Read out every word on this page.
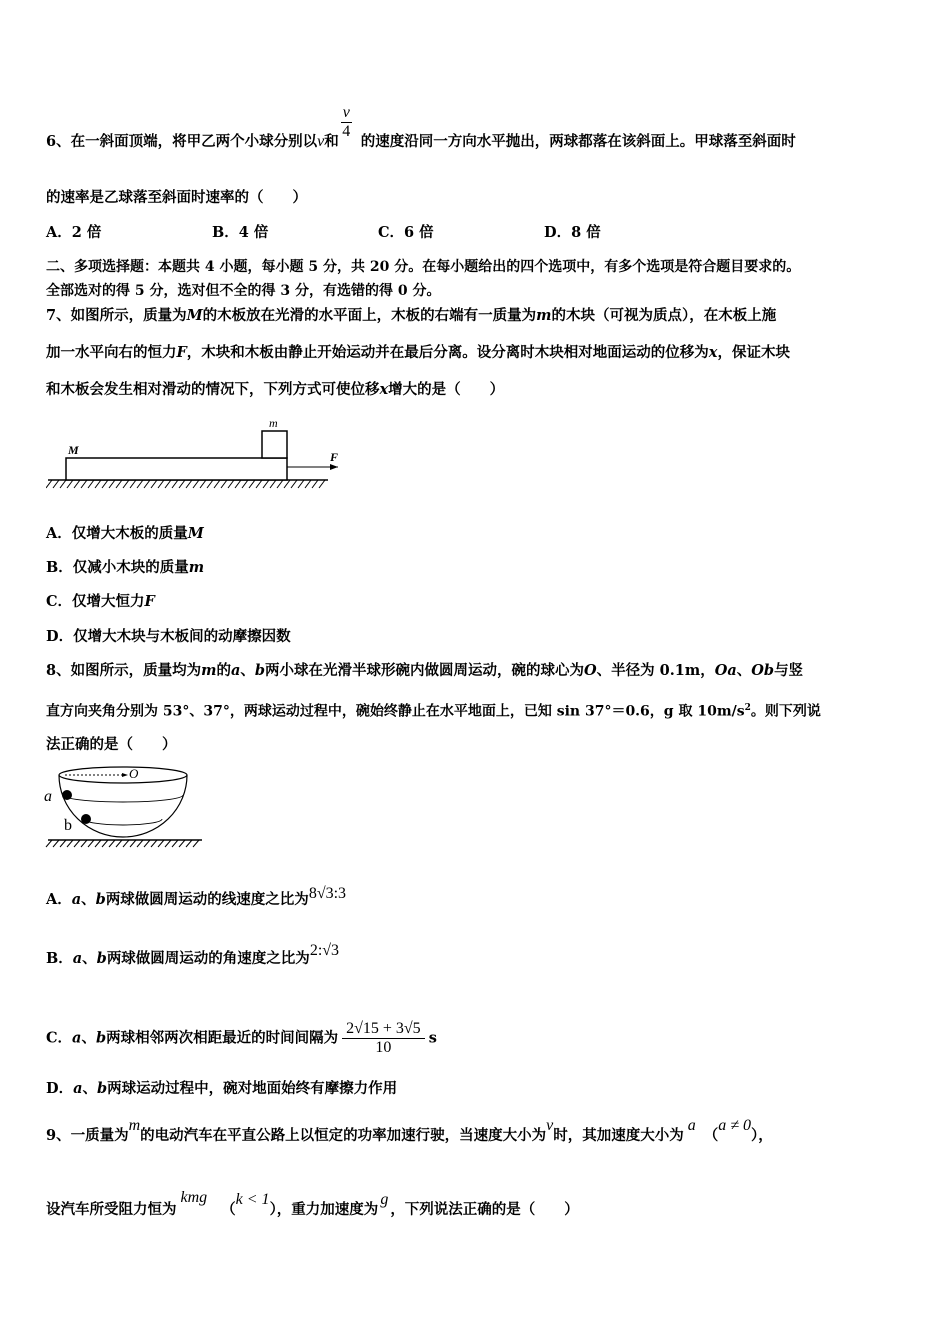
6、在一斜面顶端，将甲乙两个小球分别以v和
$\frac{v}{4}$
的速度沿同一方向水平抛出，两球都落在该斜面上。甲球落至斜面时
的速率是乙球落至斜面时速率的（　　）
A．2 倍	B．4 倍	C．6 倍	D．8 倍
二、多项选择题：本题共 4 小题，每小题 5 分，共 20 分。在每小题给出的四个选项中，有多个选项是符合题目要求的。
全部选对的得 5 分，选对但不全的得 3 分，有选错的得 0 分。
7、如图所示，质量为M的木板放在光滑的水平面上，木板的右端有一质量为m的木块（可视为质点），在木板上施
加一水平向右的恒力F，木块和木板由静止开始运动并在最后分离。设分离时木块相对地面运动的位移为x，保证木块
和木板会发生相对滑动的情况下，下列方式可使位移x增大的是（　　）
m
M	F
A．仅增大木板的质量M
B．仅减小木块的质量m
C．仅增大恒力F
D．仅增大木块与木板间的动摩擦因数
8、如图所示，质量均为m的a、b两小球在光滑半球形碗内做圆周运动，碗的球心为O、半径为 0.1m，Oa、Ob与竖
直方向夹角分别为 53°、37°，两球运动过程中，碗始终静止在水平地面上，已知 sin 37°＝0.6，g 取 $10m/s^2$。则下列说
法正确的是（　　）
O
a
b
A．a、b两球做圆周运动的线速度之比为8√3:3
B．a、b两球做圆周运动的角速度之比为2:√3
C．a、b两球相邻两次相距最近的时间间隔为 $\frac{2√15 + 3√5}{10}$ s
D．a、b两球运动过程中，碗对地面始终有摩擦力作用
9、一质量为m的电动汽车在平直公路上以恒定的功率加速行驶，当速度大小为v时，其加速度大小为a（a ≠ 0），
设汽车所受阻力恒为kmg（k < 1），重力加速度为g，下列说法正确的是（　　）
